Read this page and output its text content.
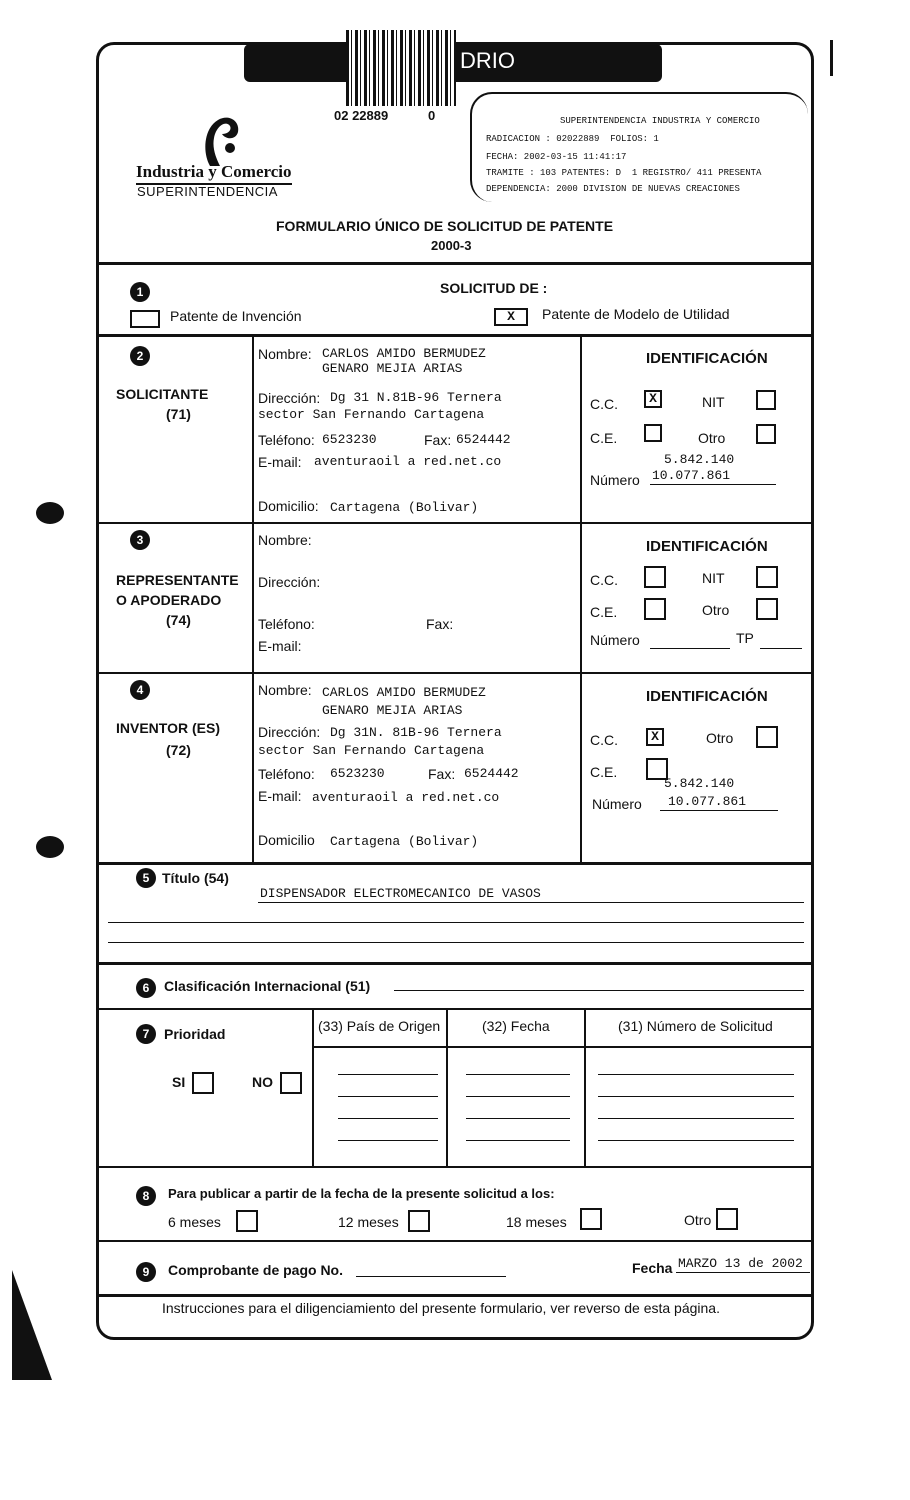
DRIO
02 22889	0
Industria y Comercio
SUPERINTENDENCIA
SUPERINTENDENCIA INDUSTRIA Y COMERCIO
RADICACION : 02022889  FOLIOS: 1
FECHA: 2002-03-15 11:41:17
TRAMITE : 103 PATENTES: D  1 REGISTRO/ 411 PRESENTA
DEPENDENCIA: 2000 DIVISION DE NUEVAS CREACIONES
FORMULARIO ÚNICO DE SOLICITUD DE PATENTE
2000-3
1	SOLICITUD DE :
Patente de Invención	X	Patente de Modelo de Utilidad
2
SOLICITANTE
(71)
Nombre: CARLOS AMIDO BERMUDEZ
GENARO MEJIA ARIAS
Dirección: Dg 31 N.81B-96 Ternera
sector San Fernando Cartagena
Teléfono: 6523230	Fax: 6524442
E-mail: aventuraoil a red.net.co
Domicilio: Cartagena (Bolivar)
IDENTIFICACIÓN
C.C.	X	NIT
C.E.	Otro
5.842.140
Número 10.077.861
3
REPRESENTANTE
O APODERADO
(74)
Nombre:
Dirección:
Teléfono:	Fax:
E-mail:
IDENTIFICACIÓN
C.C.	NIT
C.E.	Otro
Número	TP
4
INVENTOR (ES)
(72)
Nombre: CARLOS AMIDO BERMUDEZ
GENARO MEJIA ARIAS
Dirección: Dg 31N. 81B-96 Ternera
sector San Fernando Cartagena
Teléfono: 6523230	Fax: 6524442
E-mail: aventuraoil a red.net.co
Domicilio Cartagena (Bolivar)
IDENTIFICACIÓN
C.C.	X	Otro
C.E.
5.842.140
Número 10.077.861
5 Título (54)
DISPENSADOR ELECTROMECANICO DE VASOS
6	Clasificación Internacional (51)
7	Prioridad
SI	NO
(33) País de Origen	(32) Fecha	(31) Número de Solicitud
8	Para publicar a partir de la fecha de la presente solicitud a los:
6 meses	12 meses	18 meses	Otro
9	Comprobante de pago No.	Fecha MARZO 13 de 2002
Instrucciones para el diligenciamiento del presente formulario, ver reverso de esta página.
